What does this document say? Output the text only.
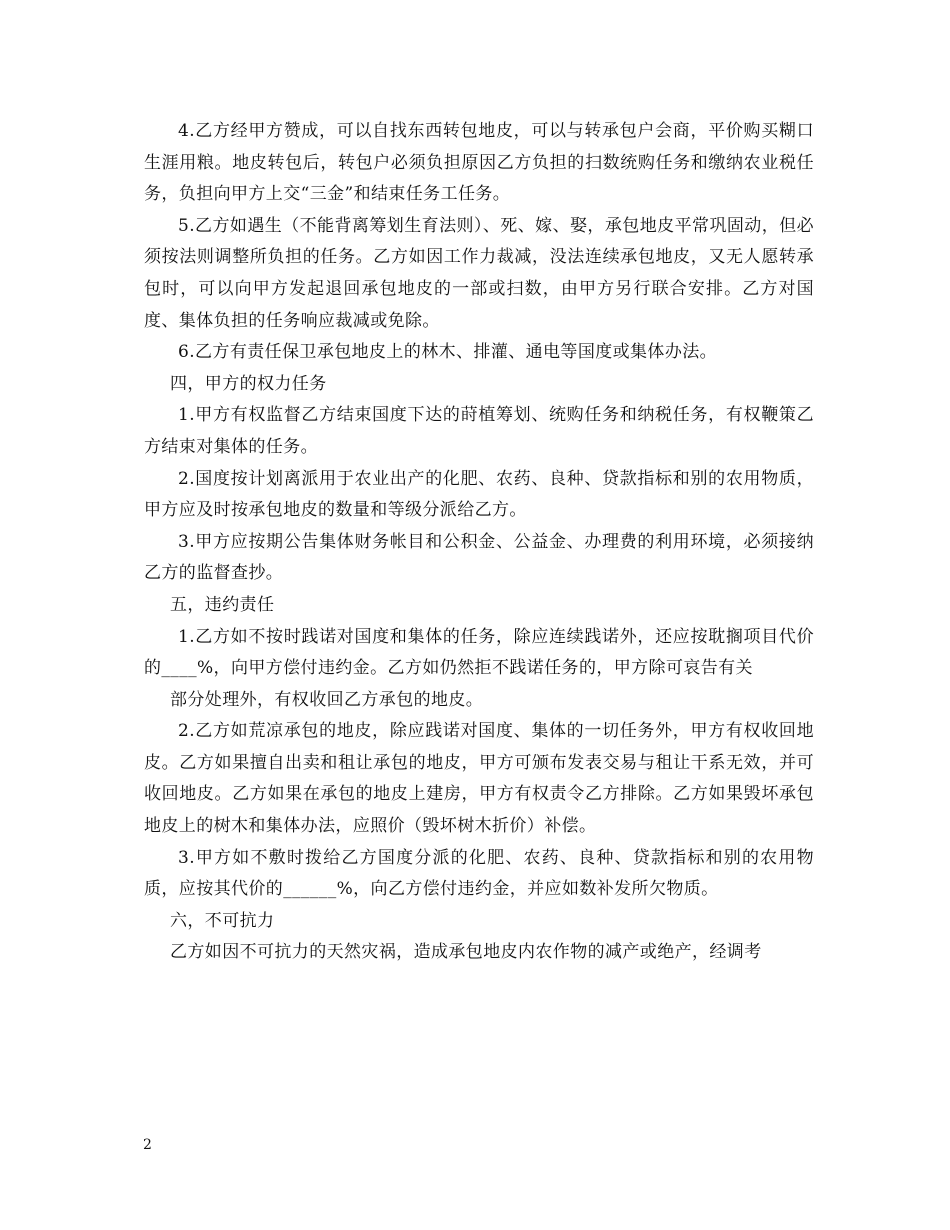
4.乙方经甲方赞成，可以自找东西转包地皮，可以与转承包户会商，平价购买糊口生涯用粮。地皮转包后，转包户必须负担原因乙方负担的扫数统购任务和缴纳农业税任务，负担向甲方上交“三金”和结束任务工任务。

5.乙方如遇生（不能背离筹划生育法则）、死、嫁、娶，承包地皮平常巩固动，但必须按法则调整所负担的任务。乙方如因工作力裁减，没法连续承包地皮，又无人愿转承包时，可以向甲方发起退回承包地皮的一部或扫数，由甲方另行联合安排。乙方对国度、集体负担的任务响应裁减或免除。

6.乙方有责任保卫承包地皮上的林木、排灌、通电等国度或集体办法。

四，甲方的权力任务

1.甲方有权监督乙方结束国度下达的莳植筹划、统购任务和纳税任务，有权鞭策乙方结束对集体的任务。

2.国度按计划离派用于农业出产的化肥、农药、良种、贷款指标和别的农用物质，甲方应及时按承包地皮的数量和等级分派给乙方。

3.甲方应按期公告集体财务帐目和公积金、公益金、办理费的利用环境，必须接纳乙方的监督查抄。

五，违约责任

1.乙方如不按时践诺对国度和集体的任务，除应连续践诺外，还应按耽搁项目代价的____%，向甲方偿付违约金。乙方如仍然拒不践诺任务的，甲方除可哀告有关

部分处理外，有权收回乙方承包的地皮。

2.乙方如荒凉承包的地皮，除应践诺对国度、集体的一切任务外，甲方有权收回地皮。乙方如果擅自出卖和租让承包的地皮，甲方可颁布发表交易与租让干系无效，并可收回地皮。乙方如果在承包的地皮上建房，甲方有权责令乙方排除。乙方如果毁坏承包地皮上的树木和集体办法，应照价（毁坏树木折价）补偿。

3.甲方如不敷时拨给乙方国度分派的化肥、农药、良种、贷款指标和别的农用物质，应按其代价的______%，向乙方偿付违约金，并应如数补发所欠物质。

六，不可抗力

乙方如因不可抗力的天然灾祸，造成承包地皮内农作物的减产或绝产，经调考

2
